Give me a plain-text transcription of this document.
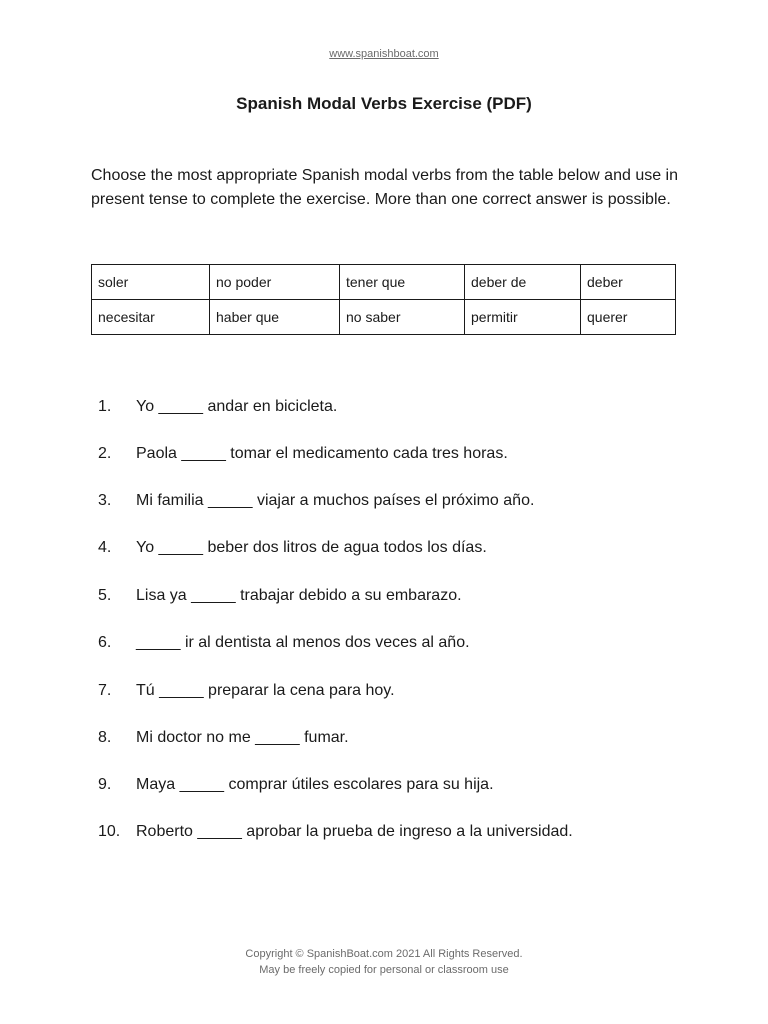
www.spanishboat.com
Spanish Modal Verbs Exercise (PDF)
Choose the most appropriate Spanish modal verbs from the table below and use in present tense to complete the exercise. More than one correct answer is possible.
soler	no poder	tener que	deber de	deber
necesitar	haber que	no saber	permitir	querer
1.	Yo _____ andar en bicicleta.
2.	Paola _____ tomar el medicamento cada tres horas.
3.	Mi familia _____ viajar a muchos países el próximo año.
4.	Yo _____ beber dos litros de agua todos los días.
5.	Lisa ya _____ trabajar debido a su embarazo.
6.	_____ ir al dentista al menos dos veces al año.
7.	Tú _____ preparar la cena para hoy.
8.	Mi doctor no me _____ fumar.
9.	Maya _____ comprar útiles escolares para su hija.
10. Roberto _____ aprobar la prueba de ingreso a la universidad.
Copyright © SpanishBoat.com 2021 All Rights Reserved.
May be freely copied for personal or classroom use
